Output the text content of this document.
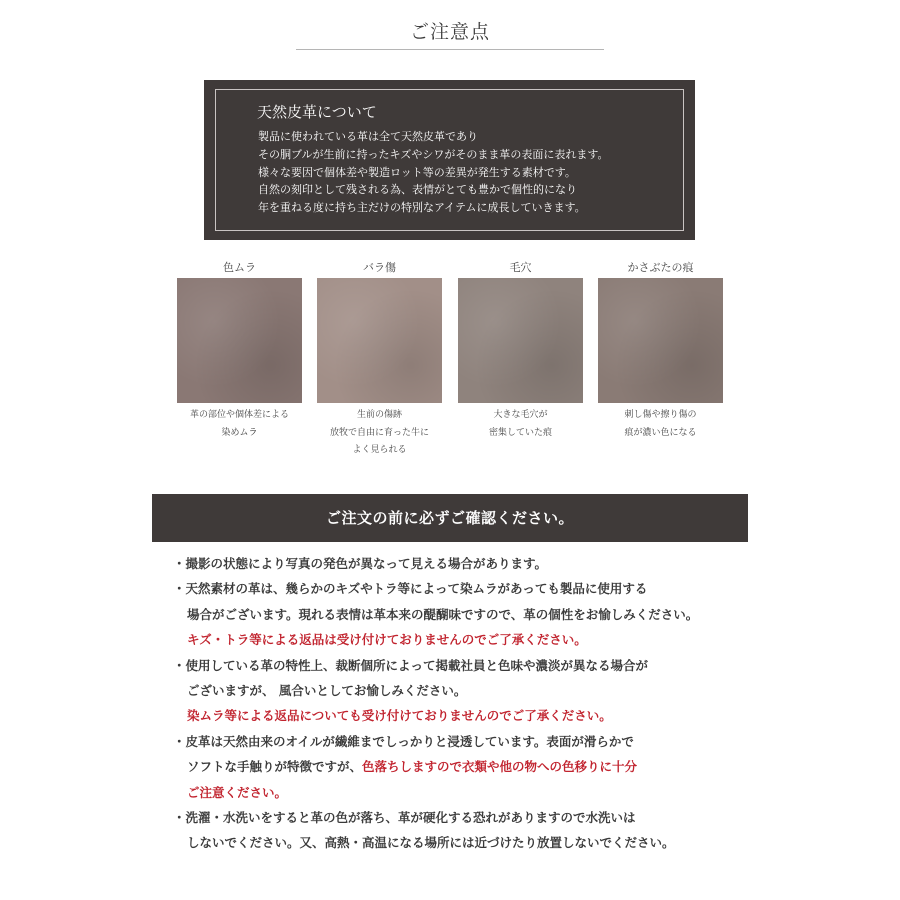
ご注意点
天然皮革について
製品に使われている革は全て天然皮革であり
その胴ブルが生前に持ったキズやシワがそのまま革の表面に表れます。
様々な要因で個体差や製造ロット等の差異が発生する素材です。
自然の刻印として残される為、表情がとても豊かで個性的になり
年を重ねる度に持ち主だけの特別なアイテムに成長していきます。
色ムラ
革の部位や個体差による
染めムラ
バラ傷
生前の傷跡
放牧で自由に育った牛に
よく見られる
毛穴
大きな毛穴が
密集していた痕
かさぶたの痕
刺し傷や擦り傷の
痕が濃い色になる
ご注文の前に必ずご確認ください。
・撮影の状態により写真の発色が異なって見える場合があります。
・天然素材の革は、幾らかのキズやトラ等によって染ムラがあっても製品に使用する
場合がございます。現れる表情は革本来の醍醐味ですので、革の個性をお愉しみください。
キズ・トラ等による返品は受け付けておりませんのでご了承ください。
・使用している革の特性上、裁断個所によって掲載社員と色味や濃淡が異なる場合が
ございますが、 風合いとしてお愉しみください。
染ムラ等による返品についても受け付けておりませんのでご了承ください。
・皮革は天然由来のオイルが繊維までしっかりと浸透しています。表面が滑らかで
ソフトな手触りが特徴ですが、色落ちしますので衣類や他の物への色移りに十分
ご注意ください。
・洗濯・水洗いをすると革の色が落ち、革が硬化する恐れがありますので水洗いは
しないでください。又、高熱・高温になる場所には近づけたり放置しないでください。
